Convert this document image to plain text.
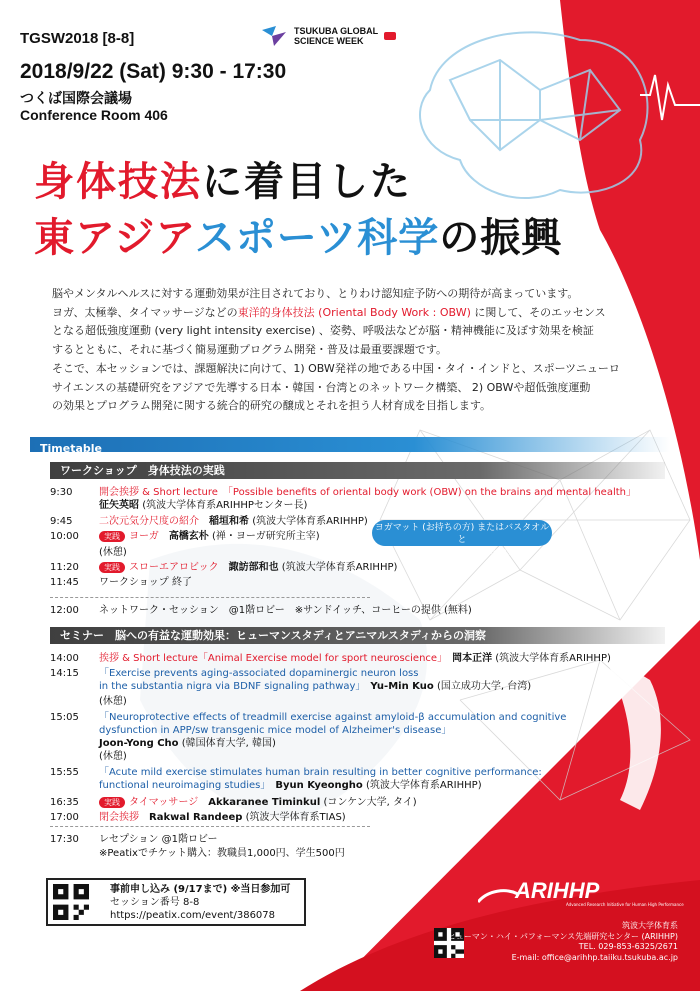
TGSW2018 [8-8]	TSUKUBA GLOBAL
SCIENCE WEEK
2018/9/22 (Sat) 9:30 - 17:30
つくば国際会議場
Conference Room 406
身体技法に着目した
東アジアスポーツ科学の振興

脳やメンタルヘルスに対する運動効果が注目されており、とりわけ認知症予防への期待が高まっています。

ヨガ、太極拳、タイマッサージなどの東洋的身体技法 (Oriental Body Work : OBW) に関して、そのエッセンス

となる超低強度運動 (very light intensity exercise) 、姿勢、呼吸法などが脳・精神機能に及ぼす効果を検証

するとともに、それに基づく簡易運動プログラム開発・普及は最重要課題です。

そこで、本セッションでは、課題解決に向けて、1) OBW発祥の地である中国・タイ・インドと、スポーツニューロ

サイエンスの基礎研究をアジアで先導する日本・韓国・台湾とのネットワーク構築、 2) OBWや超低強度運動

の効果とプログラム開発に関する統合的研究の醸成とそれを担う人材育成を目指します。

Timetable
ワークショップ　身体技法の実践
9:30	開会挨拶 & Short lecture　「Possible benefits of oriental body work (OBW) on the brains and mental health」
征矢英昭 (筑波大学体育系ARIHHPセンター長)
9:45	二次元気分尺度の紹介　 稲垣和希 (筑波大学体育系ARIHHP)
10:00	実践 ヨーガ　 高橋玄朴 (禅・ヨーガ研究所主宰)
(休憩)
11:20	実践 スローエアロビック　 諏訪部和也 (筑波大学体育系ARIHHP)
11:45 ワークショップ 終了
ヨガマット (お持ちの方) またはバスタオルと
飲み物をお持ちください。
12:00 ネットワーク・セッション　@1階ロビー　※サンドイッチ、コーヒーの提供 (無料)
セミナー　脳への有益な運動効果：ヒューマンスタディとアニマルスタディからの洞察
14:00 挨拶 & Short lecture「Animal Exercise model for sport neuroscience」　 岡本正洋 (筑波大学体育系ARIHHP)
14:15 「Exercise prevents aging-associated dopaminergic neuron loss
in the substantia nigra via BDNF signaling pathway」　 Yu-Min Kuo (国立成功大学, 台湾)
(休憩)
15:05 「Neuroprotective effects of treadmill exercise against amyloid-β accumulation and cognitive
dysfunction in APP/sw transgenic mice model of Alzheimer's disease」
Joon-Yong Cho (韓国体育大学, 韓国)
(休憩)
15:55 「Acute mild exercise stimulates human brain resulting in better cognitive performance:
functional neuroimaging studies」　 Byun Kyeongho (筑波大学体育系ARIHHP)
16:35	実践 タイマッサージ　 Akkaranee Timinkul (コンケン大学, タイ)
17:00 閉会挨拶　 Rakwal Randeep (筑波大学体育系TIAS)
17:30 レセプション @1階ロビー
※Peatixでチケット購入：教職員1,000円、学生500円
事前申し込み (9/17まで) ※当日参加可
セッション番号 8-8
https://peatix.com/event/386078
ARIHHP
Advanced Research Initiative for Human High Performance
筑波大学体育系
ヒューマン・ハイ・パフォーマンス先端研究センター (ARIHHP)
TEL. 029-853-6325/2671
E-mail: office@arihhp.taiiku.tsukuba.ac.jp
